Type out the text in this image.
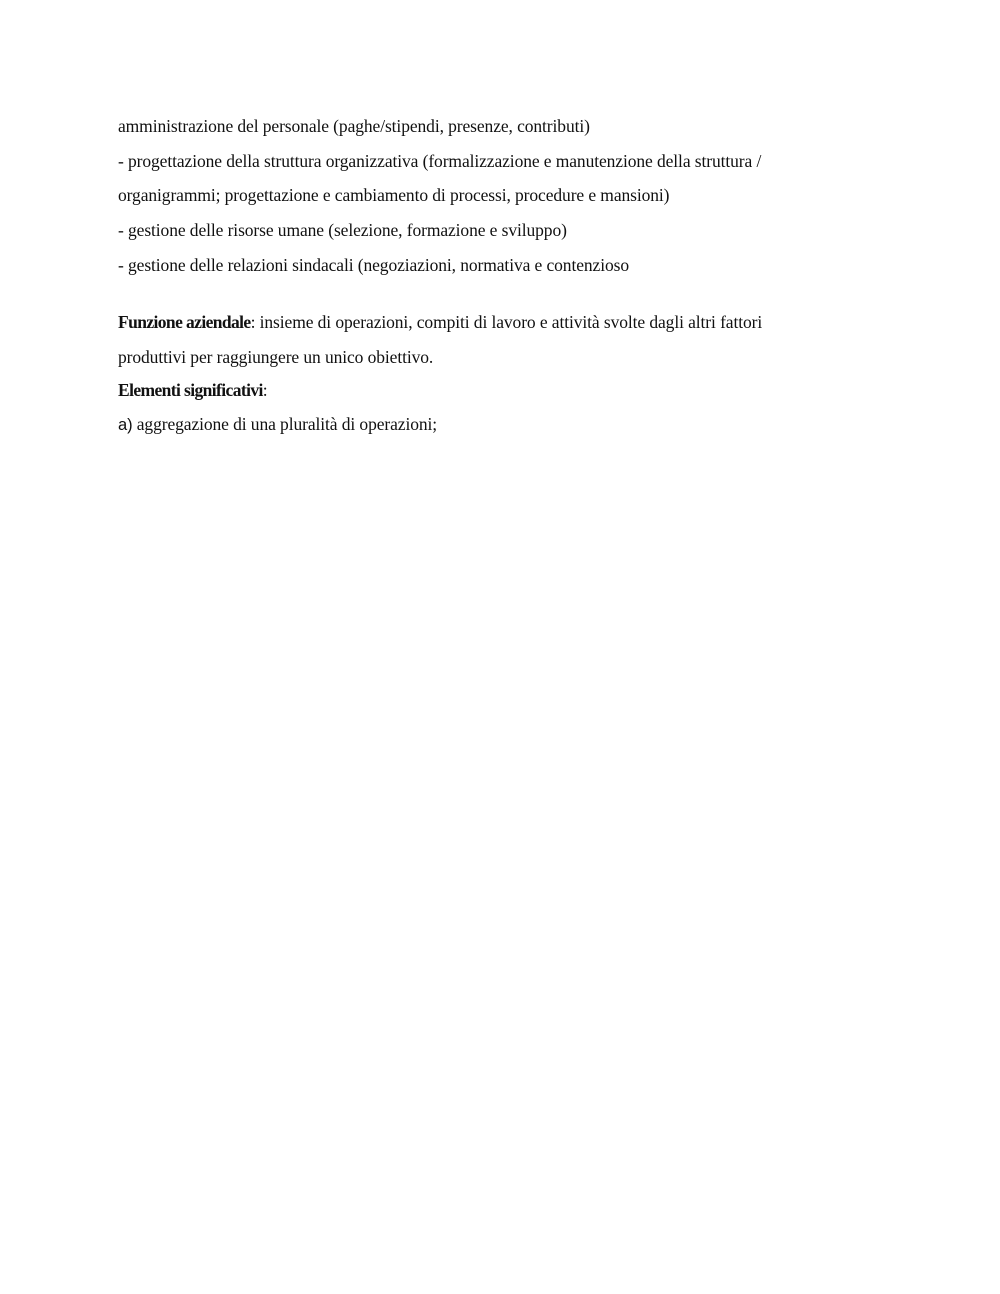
amministrazione del personale (paghe/stipendi, presenze, contributi)
- progettazione della struttura organizzativa (formalizzazione e manutenzione della struttura /
organigrammi; progettazione e cambiamento di processi, procedure e mansioni)
- gestione delle risorse umane (selezione, formazione e sviluppo)
- gestione delle relazioni sindacali (negoziazioni, normativa e contenzioso
Funzione aziendale: insieme di operazioni, compiti di lavoro e attività svolte dagli altri fattori
produttivi per raggiungere un unico obiettivo.
Elementi significativi:
a) aggregazione di una pluralità di operazioni;
